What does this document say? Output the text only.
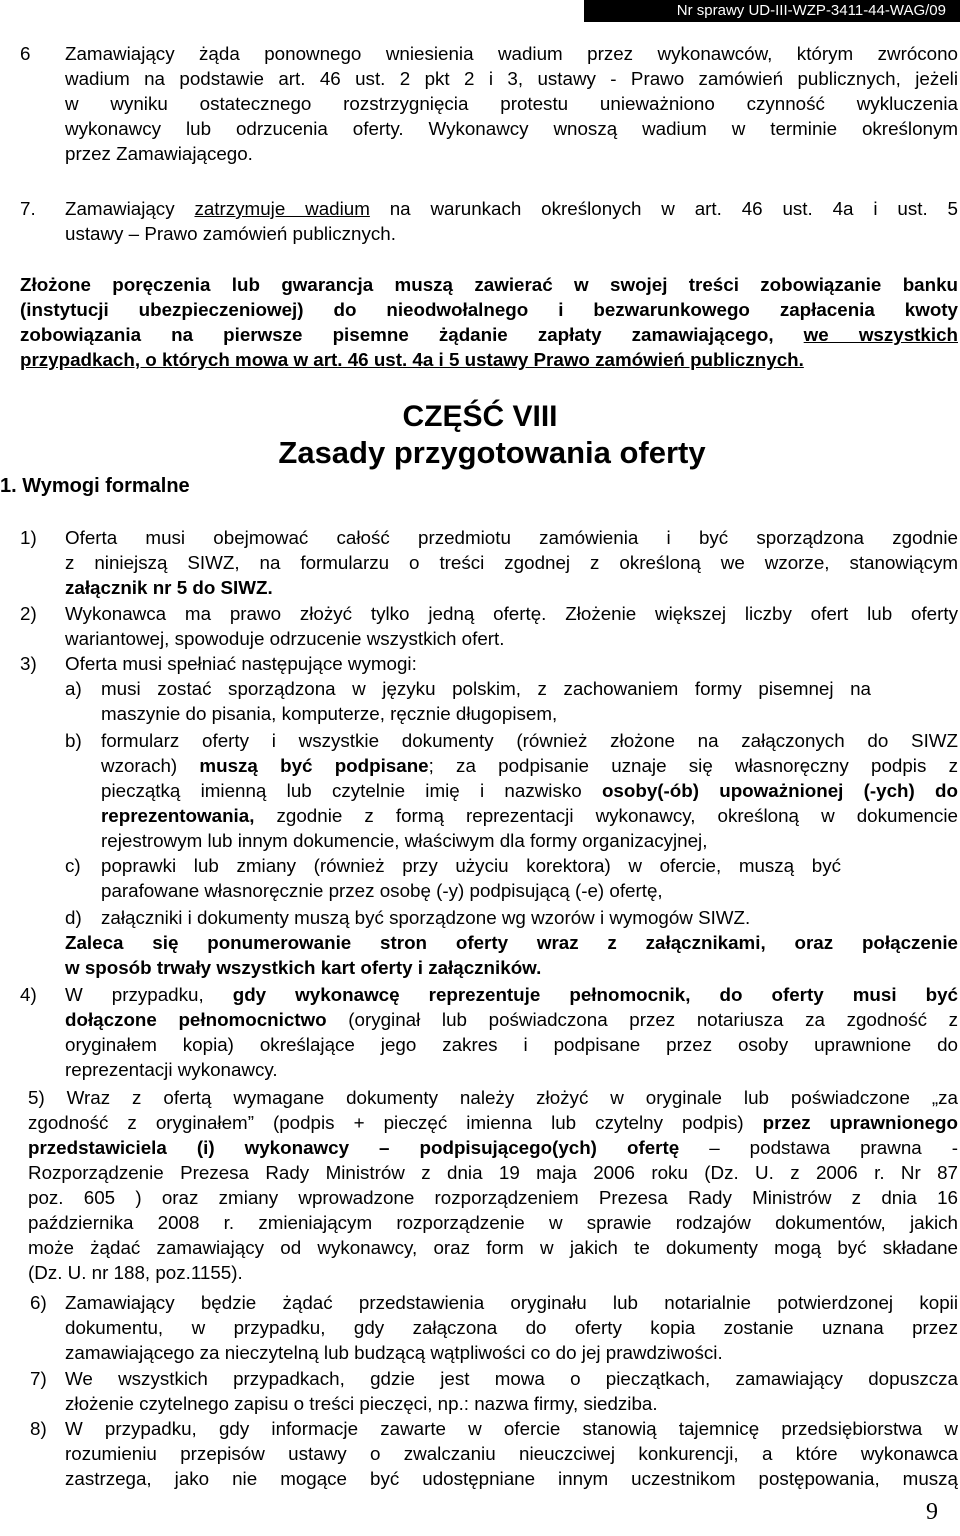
Nr sprawy UD-III-WZP-3411-44-WAG/09
6 Zamawiający żąda ponownego wniesienia wadium przez wykonawców, którym zwrócono
wadium na podstawie art. 46 ust. 2 pkt 2 i 3, ustawy - Prawo zamówień publicznych, jeżeli
w wyniku ostatecznego rozstrzygnięcia protestu unieważniono czynność wykluczenia
wykonawcy lub odrzucenia oferty. Wykonawcy wnoszą wadium w terminie określonym
przez Zamawiającego.
7. Zamawiający zatrzymuje wadium na warunkach określonych w art. 46 ust. 4a i ust. 5
ustawy – Prawo zamówień publicznych.
Złożone poręczenia lub gwarancja muszą zawierać w swojej treści zobowiązanie banku
(instytucji ubezpieczeniowej) do nieodwołalnego i bezwarunkowego zapłacenia kwoty
zobowiązania na pierwsze pisemne żądanie zapłaty zamawiającego, we wszystkich
przypadkach, o których mowa w art. 46 ust. 4a i 5 ustawy Prawo zamówień publicznych.
CZĘŚĆ VIII
Zasady przygotowania oferty
1. Wymogi formalne
1) Oferta musi obejmować całość przedmiotu zamówienia i być sporządzona zgodnie
z niniejszą SIWZ, na formularzu o treści zgodnej z określoną we wzorze, stanowiącym
załącznik nr 5 do SIWZ.
2) Wykonawca ma prawo złożyć tylko jedną ofertę. Złożenie większej liczby ofert lub oferty
wariantowej, spowoduje odrzucenie wszystkich ofert.
3) Oferta musi spełniać następujące wymogi:
a) musi zostać sporządzona w języku polskim, z zachowaniem formy pisemnej na
maszynie do pisania, komputerze, ręcznie długopisem,
b) formularz oferty i wszystkie dokumenty (również złożone na załączonych do SIWZ
wzorach) muszą być podpisane; za podpisanie uznaje się własnoręczny podpis z
pieczątką imienną lub czytelnie imię i nazwisko osoby(-ób) upoważnionej (-ych) do
reprezentowania, zgodnie z formą reprezentacji wykonawcy, określoną w dokumencie
rejestrowym lub innym dokumencie, właściwym dla formy organizacyjnej,
c) poprawki lub zmiany (również przy użyciu korektora) w ofercie, muszą być
parafowane własnoręcznie przez osobę (-y) podpisującą (-e) ofertę,
d) załączniki i dokumenty muszą być sporządzone wg wzorów i wymogów SIWZ.
Zaleca się ponumerowanie stron oferty wraz z załącznikami, oraz połączenie
w sposób trwały wszystkich kart oferty i załączników.
4) W przypadku, gdy wykonawcę reprezentuje pełnomocnik, do oferty musi być
dołączone pełnomocnictwo (oryginał lub poświadczona przez notariusza za zgodność z
oryginałem kopia) określające jego zakres i podpisane przez osoby uprawnione do
reprezentacji wykonawcy.
5) Wraz z ofertą wymagane dokumenty należy złożyć w oryginale lub poświadczone „za
zgodność z oryginałem” (podpis + pieczęć imienna lub czytelny podpis) przez uprawnionego
przedstawiciela (i) wykonawcy – podpisującego(ych) ofertę – podstawa prawna -
Rozporządzenie Prezesa Rady Ministrów z dnia 19 maja 2006 roku (Dz. U. z 2006 r. Nr 87
poz. 605 ) oraz zmiany wprowadzone rozporządzeniem Prezesa Rady Ministrów z dnia 16
października 2008 r. zmieniającym rozporządzenie w sprawie rodzajów dokumentów, jakich
może żądać zamawiający od wykonawcy, oraz form w jakich te dokumenty mogą być składane
(Dz. U. nr 188, poz.1155).
6) Zamawiający będzie żądać przedstawienia oryginału lub notarialnie potwierdzonej kopii
dokumentu, w przypadku, gdy załączona do oferty kopia zostanie uznana przez
zamawiającego za nieczytelną lub budzącą wątpliwości co do jej prawdziwości.
7) We wszystkich przypadkach, gdzie jest mowa o pieczątkach, zamawiający dopuszcza
złożenie czytelnego zapisu o treści pieczęci, np.: nazwa firmy, siedziba.
8) W przypadku, gdy informacje zawarte w ofercie stanowią tajemnicę przedsiębiorstwa w
rozumieniu przepisów ustawy o zwalczaniu nieuczciwej konkurencji, a które wykonawca
zastrzega, jako nie mogące być udostępniane innym uczestnikom postępowania, muszą
9
